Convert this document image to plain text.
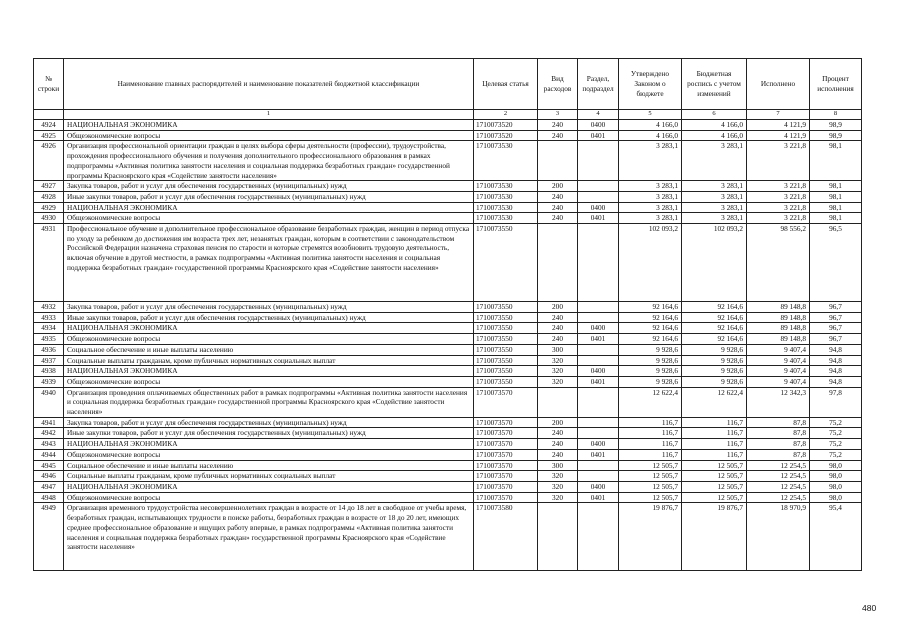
№ строки	Наименование главных распорядителей и наименование показателей бюджетной классификации	Целевая статья	Вид расходов	Раздел, подраздел	Утверждено Законом о бюджете	Бюджетная роспись с учетом изменений	Исполнено	Процент исполнения
	1	2	3	4	5	6	7	8
4924	НАЦИОНАЛЬНАЯ ЭКОНОМИКА	1710073520	240	0400	4 166,0	4 166,0	4 121,9	98,9
4925	Общеэкономические вопросы	1710073520	240	0401	4 166,0	4 166,0	4 121,9	98,9
4926	Организация профессиональной ориентации граждан в целях выбора сферы деятельности (профессии), трудоустройства, прохождения профессионального обучения и получения дополнительного профессионального образования в рамках подпрограммы «Активная политика занятости населения и социальная поддержка безработных граждан» государственной программы Красноярского края «Содействие занятости населения»	1710073530			3 283,1	3 283,1	3 221,8	98,1
4927	Закупка товаров, работ и услуг для обеспечения государственных (муниципальных) нужд	1710073530	200		3 283,1	3 283,1	3 221,8	98,1
4928	Иные закупки товаров, работ и услуг для обеспечения государственных (муниципальных) нужд	1710073530	240		3 283,1	3 283,1	3 221,8	98,1
4929	НАЦИОНАЛЬНАЯ ЭКОНОМИКА	1710073530	240	0400	3 283,1	3 283,1	3 221,8	98,1
4930	Общеэкономические вопросы	1710073530	240	0401	3 283,1	3 283,1	3 221,8	98,1
4931	Профессиональное обучение и дополнительное профессиональное образование безработных граждан, женщин в период отпуска по уходу за ребенком до достижения им возраста трех лет, незанятых граждан, которым в соответствии с законодательством Российской Федерации назначена страховая пенсия по старости и которые стремятся возобновить трудовую деятельность, включая обучение в другой местности, в рамках подпрограммы «Активная политика занятости населения и социальная поддержка безработных граждан» государственной программы Красноярского края «Содействие занятости населения»	1710073550			102 093,2	102 093,2	98 556,2	96,5
4932	Закупка товаров, работ и услуг для обеспечения государственных (муниципальных) нужд	1710073550	200		92 164,6	92 164,6	89 148,8	96,7
4933	Иные закупки товаров, работ и услуг для обеспечения государственных (муниципальных) нужд	1710073550	240		92 164,6	92 164,6	89 148,8	96,7
4934	НАЦИОНАЛЬНАЯ ЭКОНОМИКА	1710073550	240	0400	92 164,6	92 164,6	89 148,8	96,7
4935	Общеэкономические вопросы	1710073550	240	0401	92 164,6	92 164,6	89 148,8	96,7
4936	Социальное обеспечение и иные выплаты населению	1710073550	300		9 928,6	9 928,6	9 407,4	94,8
4937	Социальные выплаты гражданам, кроме публичных нормативных социальных выплат	1710073550	320		9 928,6	9 928,6	9 407,4	94,8
4938	НАЦИОНАЛЬНАЯ ЭКОНОМИКА	1710073550	320	0400	9 928,6	9 928,6	9 407,4	94,8
4939	Общеэкономические вопросы	1710073550	320	0401	9 928,6	9 928,6	9 407,4	94,8
4940	Организация проведения оплачиваемых общественных работ в рамках подпрограммы «Активная политика занятости населения и социальная поддержка безработных граждан» государственной программы Красноярского края «Содействие занятости населения»	1710073570			12 622,4	12 622,4	12 342,3	97,8
4941	Закупка товаров, работ и услуг для обеспечения государственных (муниципальных) нужд	1710073570	200		116,7	116,7	87,8	75,2
4942	Иные закупки товаров, работ и услуг для обеспечения государственных (муниципальных) нужд	1710073570	240		116,7	116,7	87,8	75,2
4943	НАЦИОНАЛЬНАЯ ЭКОНОМИКА	1710073570	240	0400	116,7	116,7	87,8	75,2
4944	Общеэкономические вопросы	1710073570	240	0401	116,7	116,7	87,8	75,2
4945	Социальное обеспечение и иные выплаты населению	1710073570	300		12 505,7	12 505,7	12 254,5	98,0
4946	Социальные выплаты гражданам, кроме публичных нормативных социальных выплат	1710073570	320		12 505,7	12 505,7	12 254,5	98,0
4947	НАЦИОНАЛЬНАЯ ЭКОНОМИКА	1710073570	320	0400	12 505,7	12 505,7	12 254,5	98,0
4948	Общеэкономические вопросы	1710073570	320	0401	12 505,7	12 505,7	12 254,5	98,0
4949	Организация временного трудоустройства несовершеннолетних граждан в возрасте от 14 до 18 лет в свободное от учебы время, безработных граждан, испытывающих трудности в поиске работы, безработных граждан в возрасте от 18 до 20 лет, имеющих среднее профессиональное образование и ищущих работу впервые, в рамках подпрограммы «Активная политика занятости населения и социальная поддержка безработных граждан» государственной программы Красноярского края «Содействие занятости населения»	1710073580			19 876,7	19 876,7	18 970,9	95,4
480
